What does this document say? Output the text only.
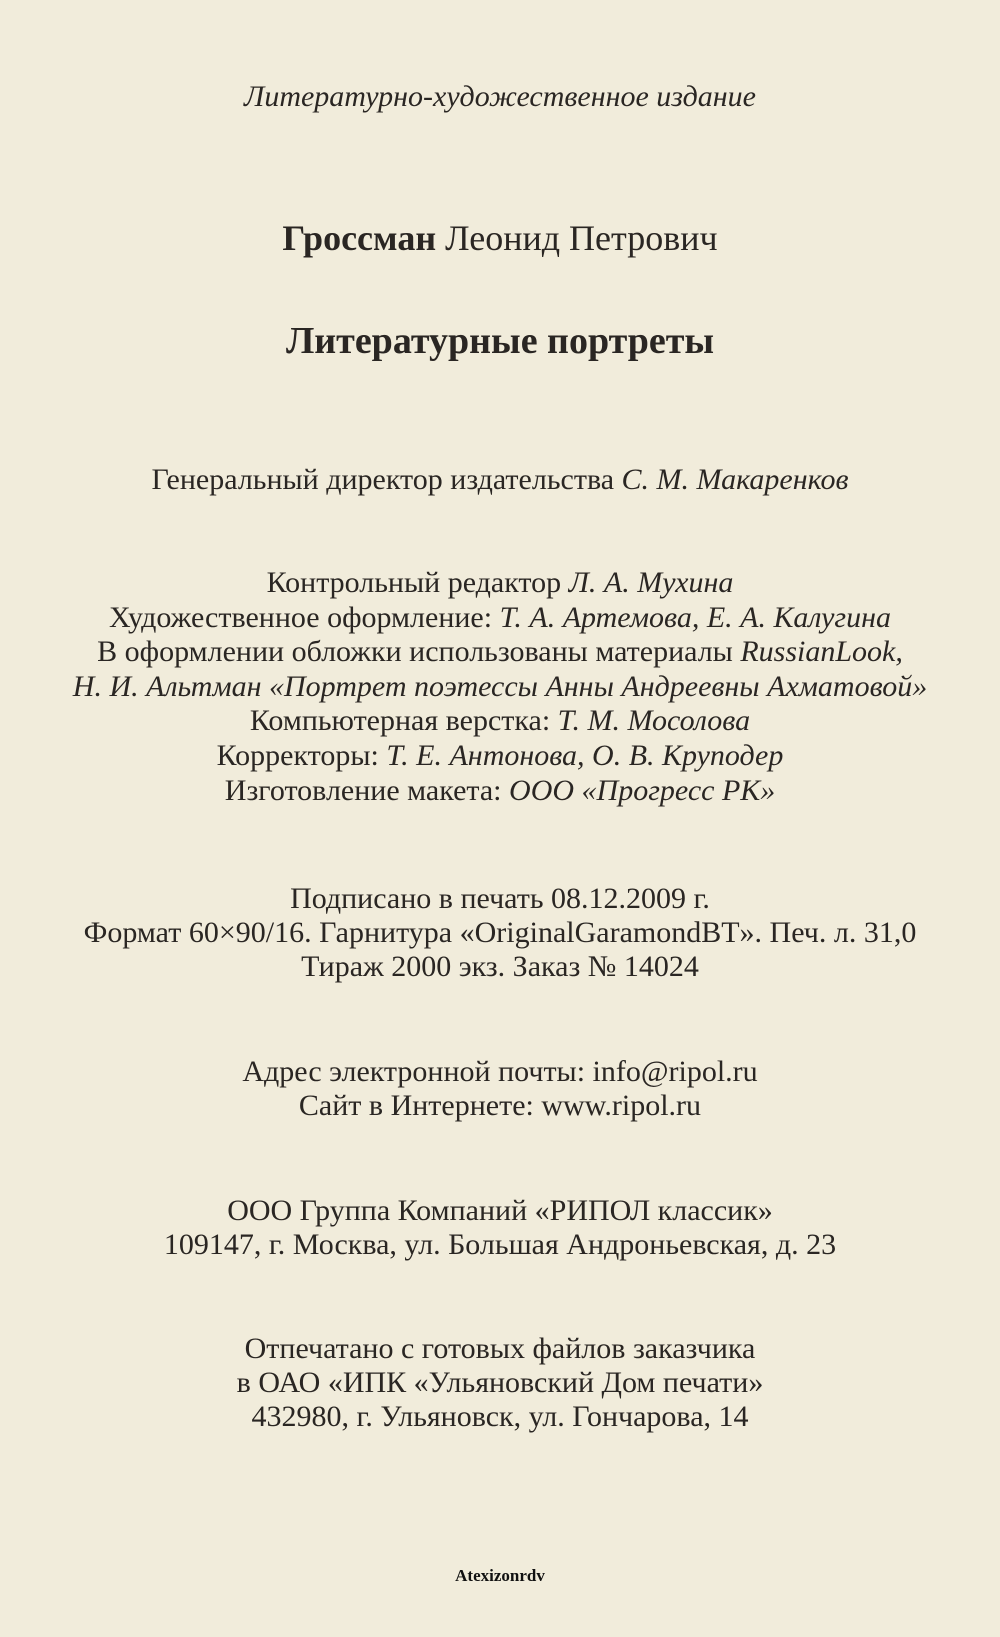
Литературно-художественное издание
Гроссман Леонид Петрович
Литературные портреты
Генеральный директор издательства С. М. Макаренков
Контрольный редактор Л. А. Мухина
Художественное оформление: Т. А. Артемова, Е. А. Калугина
В оформлении обложки использованы материалы RussianLook,
Н. И. Альтман «Портрет поэтессы Анны Андреевны Ахматовой»
Компьютерная верстка: Т. М. Мосолова
Корректоры: Т. Е. Антонова, О. В. Круподер
Изготовление макета: ООО «Прогресс РК»
Подписано в печать 08.12.2009 г.
Формат 60×90/16. Гарнитура «OriginalGaramondBT». Печ. л. 31,0
Тираж 2000 экз. Заказ № 14024
Адрес электронной почты: info@ripol.ru
Сайт в Интернете: www.ripol.ru
ООО Группа Компаний «РИПОЛ классик»
109147, г. Москва, ул. Большая Андроньевская, д. 23
Отпечатано с готовых файлов заказчика
в ОАО «ИПК «Ульяновский Дом печати»
432980, г. Ульяновск, ул. Гончарова, 14
Atexizonrdv
